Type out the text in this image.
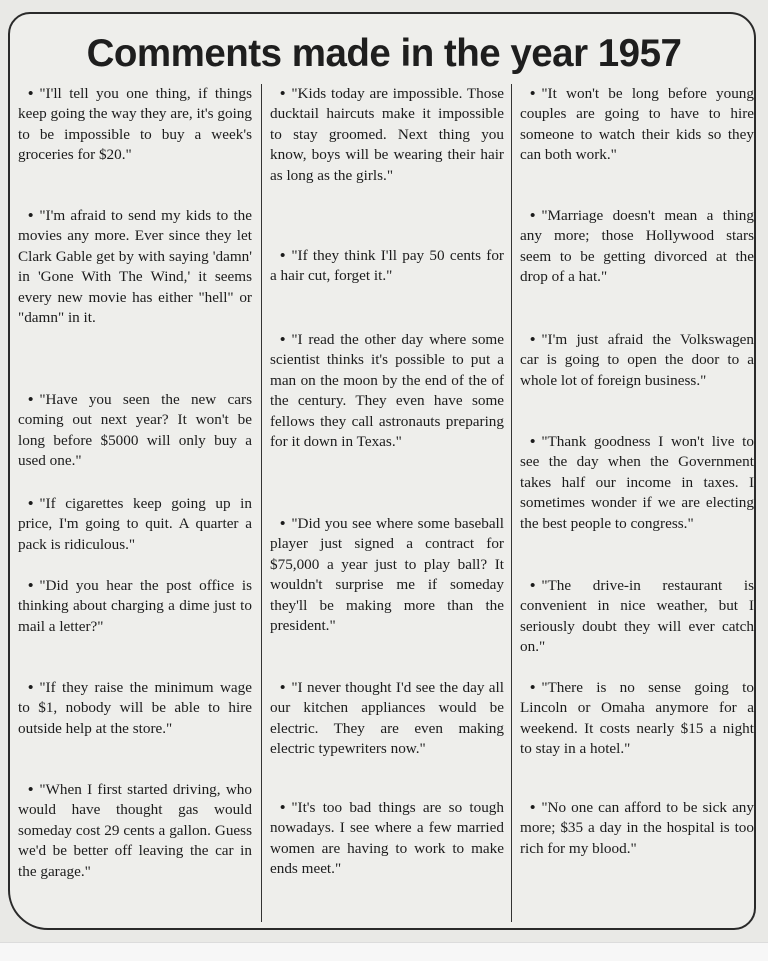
Comments made in the year 1957
• "I'll tell you one thing, if things keep going the way they are, it's going to be impossible to buy a week's groceries for $20."
• "I'm afraid to send my kids to the movies any more. Ever since they let Clark Gable get by with saying 'damn' in 'Gone With The Wind,' it seems every new movie has either "hell" or "damn" in it.
• "Have you seen the new cars coming out next year? It won't be long before $5000 will only buy a used one."
• "If cigarettes keep going up in price, I'm going to quit. A quarter a pack is ridiculous."
• "Did you hear the post office is thinking about charging a dime just to mail a letter?"
• "If they raise the minimum wage to $1, nobody will be able to hire outside help at the store."
• "When I first started driving, who would have thought gas would someday cost 29 cents a gallon. Guess we'd be better off leaving the car in the garage."
• "Kids today are impossible. Those ducktail haircuts make it impossible to stay groomed. Next thing you know, boys will be wearing their hair as long as the girls."
• "If they think I'll pay 50 cents for a hair cut, forget it."
• "I read the other day where some scientist thinks it's possible to put a man on the moon by the end of the of the century. They even have some fellows they call astronauts preparing for it down in Texas."
• "Did you see where some baseball player just signed a contract for $75,000 a year just to play ball? It wouldn't surprise me if someday they'll be making more than the president."
• "I never thought I'd see the day all our kitchen appliances would be electric. They are even making electric typewriters now."
• "It's too bad things are so tough nowadays. I see where a few married women are having to work to make ends meet."
• "It won't be long before young couples are going to have to hire someone to watch their kids so they can both work."
• "Marriage doesn't mean a thing any more; those Hollywood stars seem to be getting divorced at the drop of a hat."
• "I'm just afraid the Volkswagen car is going to open the door to a whole lot of foreign business."
• "Thank goodness I won't live to see the day when the Government takes half our income in taxes. I sometimes wonder if we are electing the best people to congress."
• "The drive-in restaurant is convenient in nice weather, but I seriously doubt they will ever catch on."
• "There is no sense going to Lincoln or Omaha anymore for a weekend. It costs nearly $15 a night to stay in a hotel."
• "No one can afford to be sick any more; $35 a day in the hospital is too rich for my blood."
